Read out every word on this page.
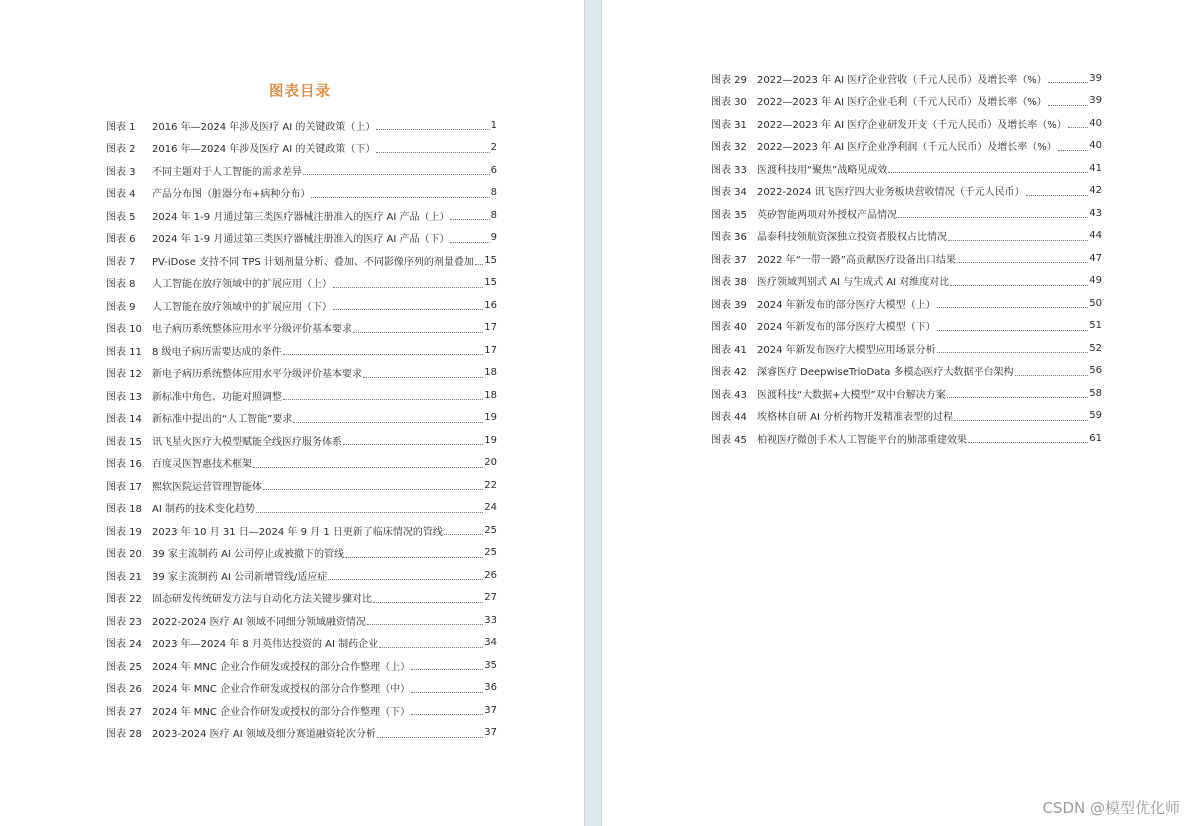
图表目录
图表 1	2016 年—2024 年涉及医疗 AI 的关键政策（上）	1
图表 2	2016 年—2024 年涉及医疗 AI 的关键政策（下）	2
图表 3	不同主题对于人工智能的需求差异	6
图表 4	产品分布图（脏器分布+病种分布）	8
图表 5	2024 年 1-9 月通过第三类医疗器械注册准入的医疗 AI 产品（上）	8
图表 6	2024 年 1-9 月通过第三类医疗器械注册准入的医疗 AI 产品（下）	9
图表 7	PV-iDose 支持不同 TPS 计划剂量分析、叠加、不同影像序列的剂量叠加 15
图表 8	人工智能在放疗领域中的扩展应用（上）	15
图表 9	人工智能在放疗领域中的扩展应用（下）	16
图表 10	电子病历系统整体应用水平分级评价基本要求	17
图表 11	8 级电子病历需要达成的条件	17
图表 12	新电子病历系统整体应用水平分级评价基本要求	18
图表 13	新标准中角色、功能对照调整	18
图表 14	新标准中提出的“人工智能”要求	19
图表 15	讯飞星火医疗大模型赋能全线医疗服务体系	19
图表 16	百度灵医智惠技术框架	20
图表 17	熙软医院运营管理智能体	22
图表 18	AI 制药的技术变化趋势	24
图表 19	2023 年 10 月 31 日—2024 年 9 月 1 日更新了临床情况的管线	25
图表 20	39 家主流制药 AI 公司停止或被撤下的管线	25
图表 21	39 家主流制药 AI 公司新增管线/适应症	26
图表 22	固态研发传统研发方法与自动化方法关键步骤对比	27
图表 23	2022-2024 医疗 AI 领域不同细分领域融资情况	33
图表 24	2023 年—2024 年 8 月英伟达投资的 AI 制药企业	34
图表 25	2024 年 MNC 企业合作研发或授权的部分合作整理（上）	35
图表 26	2024 年 MNC 企业合作研发或授权的部分合作整理（中）	36
图表 27	2024 年 MNC 企业合作研发或授权的部分合作整理（下）	37
图表 28	2023-2024 医疗 AI 领域及细分赛道融资轮次分析	37
图表 29	2022—2023 年 AI 医疗企业营收（千元人民币）及增长率（%）	39
图表 30	2022—2023 年 AI 医疗企业毛利（千元人民币）及增长率（%）	39
图表 31	2022—2023 年 AI 医疗企业研发开支（千元人民币）及增长率（%） 40
图表 32	2022—2023 年 AI 医疗企业净利润（千元人民币）及增长率（%）	40
图表 33	医渡科技用“聚焦”战略见成效	41
图表 34	2022-2024 讯飞医疗四大业务板块营收情况（千元人民币）	42
图表 35	英矽智能两项对外授权产品情况	43
图表 36	晶泰科技领航资深独立投资者股权占比情况	44
图表 37	2022 年“一带一路”高贡献医疗设备出口结果	47
图表 38	医疗领域判别式 AI 与生成式 AI 对维度对比	49
图表 39	2024 年新发布的部分医疗大模型（上）	50
图表 40	2024 年新发布的部分医疗大模型（下）	51
图表 41	2024 年新发布医疗大模型应用场景分析	52
图表 42	深睿医疗 DeepwiseTrioData 多模态医疗大数据平台架构	56
图表 43	医渡科技“大数据+大模型”双中台解决方案	58
图表 44	埃格林自研 AI 分析药物开发精准表型的过程	59
图表 45	柏视医疗微创手术人工智能平台的肺部重建效果	61
CSDN @模型优化师
